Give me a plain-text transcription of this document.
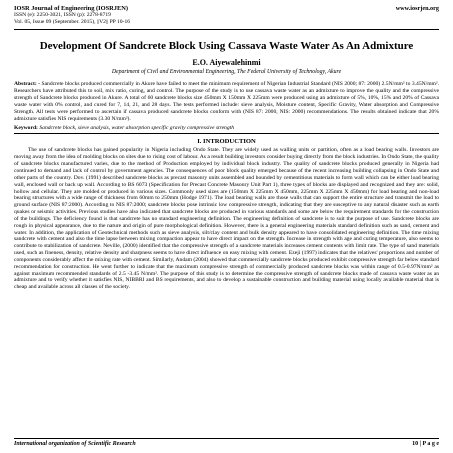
IOSR Journal of Engineering (IOSRJEN)
ISSN (e): 2250-3021, ISSN (p): 2278-8719
Vol. 05, Issue 09 (September. 2015), ||V2|| PP 10-16
www.iosrjen.org
Development Of Sandcrete Block Using Cassava Waste Water As An Admixture
E.O. Aiyewalehinmi
Department of Civil and Environmental Engineering, The Federal University of Technology, Akure
Abstract: - Sandcrete blocks produced commercially in Akure have failed to meet the minimum requirement of Nigerian Industrial Standard (NIS 2000; 87: 2000) 2.5N/mm² to 3.45N/mm². Researchers have attributed this to soil, mix ratio, curing, and control. The purpose of the study is to use cassava waste water as an admixture to improve the quality and the compressive strength of Sandcrete blocks produced in Akure. A total of 60 sandcrete blocks size 450mm X 150mm X 225mm were produced using an admixture of 5%, 10%, 15% and 20% of Cassava waste water with 0% control, and cured for 7, 14, 21, and 28 days. The tests performed include: sieve analysis, Moisture content, Specific Gravity, Water absorption and Compressive Strength. All tests were performed to ascertain if cassava produced sandcrete blocks conform with (NIS 87: 2000, NIS: 2000) recommendations. The results obtained indicate that 20% admixture satisfies NIS requirements (3.30 N/mm²).
Keyword: Sandcrete block, sieve analysis, water absorption specific gravity compressive strength
I. INTRODUCTION
The use of sandcrete blocks has gained popularity in Nigeria including Ondo State. They are widely used as walling units or partition, often as a load bearing walls. Investors are moving away from the idea of molding blocks on sites due to rising cost of labour. As a result building investors consider buying directly from the block industries. In Ondo State, the quality of sandcrete blocks manufactured varies, due to the method of Production employed by individual block industry. The quality of sandcrete blocks produced generally in Nigeria had continued to demand and lack of control by government agencies. The consequences of poor block quality emerged because of the recent increasing building collapsing in Ondo State and other parts of the country. Dov. (1991) described sandcrete blocks as precast masonry units assembled and bounded by cementitious materials to form wall which can be either load bearing wall, enclosed wall or back up wall. According to BS 6073 (Specification for Precast Concrete Masonry Unit Part 1), three types of blocks are displayed and recognized and they are: solid, hollow and cellular. They are molded or produced in various sizes. Commonly used sizes are (150mm X 225mm X 450mm, 225mm X 225mm X 450mm) for load bearing and non-load bearing structures with a wide range of thickness from 60mm to 250mm (Hodge 1971). The load bearing walls are those walls that can support the entire structure and transmit the load to ground surface (NIS 87:2000). According to NIS 87:2000; sandcrete blocks pose intrinsic low compressive strength, indicating that they are susceptive to any natural disaster such as earth quakes or seismic activities. Previous studies have also indicated that sandcrete blocks are produced in various standards and some are below the requirement standards for the construction of the buildings. The deficiency found is that sandcrete has no standard engineering definition. The engineering definition of sandcrete is to suit the purpose of use. Sandcrete blocks are rough in physical appearance, due to the nature and origin of pure morphological definition. However, there is a general engineering materials standard definition such as sand, cement and water. In addition, the application of Geotechnical methods such as sieve analysis, silt/clay content and bulk density appeared to have consolidated engineering definition. The time mixing sandcrete with cement and also the time lapse between mixing compaction appear to have direct impact on the strength. Increase in strength with age and curing temperature, also seems to contribute to stabilization of sandcrete. Neville, (2000) identified that the compressive strength of a sandcrete materials increases cement contents with limit rate. The type of sand materials used, such as fineness, density, relative density and sharpness seems to have direct influence on easy mixing with cement. Ezeji (1997) indicates that the relatives' proportions and number of components considerably affect the mixing rate with cement. Similarly, Andam (2004) showed that commercially sandcrete blocks produced exhibit compressive strength far below standard recommendation for construction. He went further to indicate that the maximum compressive strength of commercially produced sandcrete blocks was within range of 0.5-0.97N/mm² as against maximum recommended standards of 2.5 -3.45 N/mm². The purpose of this study is to determine the compressive strength of sandcrete blocks made of cassava waste water as an admixture and to verify whether it satisfies NIS, NIBBRI and BS requirements, and also to develop a sustainable construction and building material using locally available material that is cheap and available across all classes of the society.
International organization of Scientific Research	10 | P a g e
